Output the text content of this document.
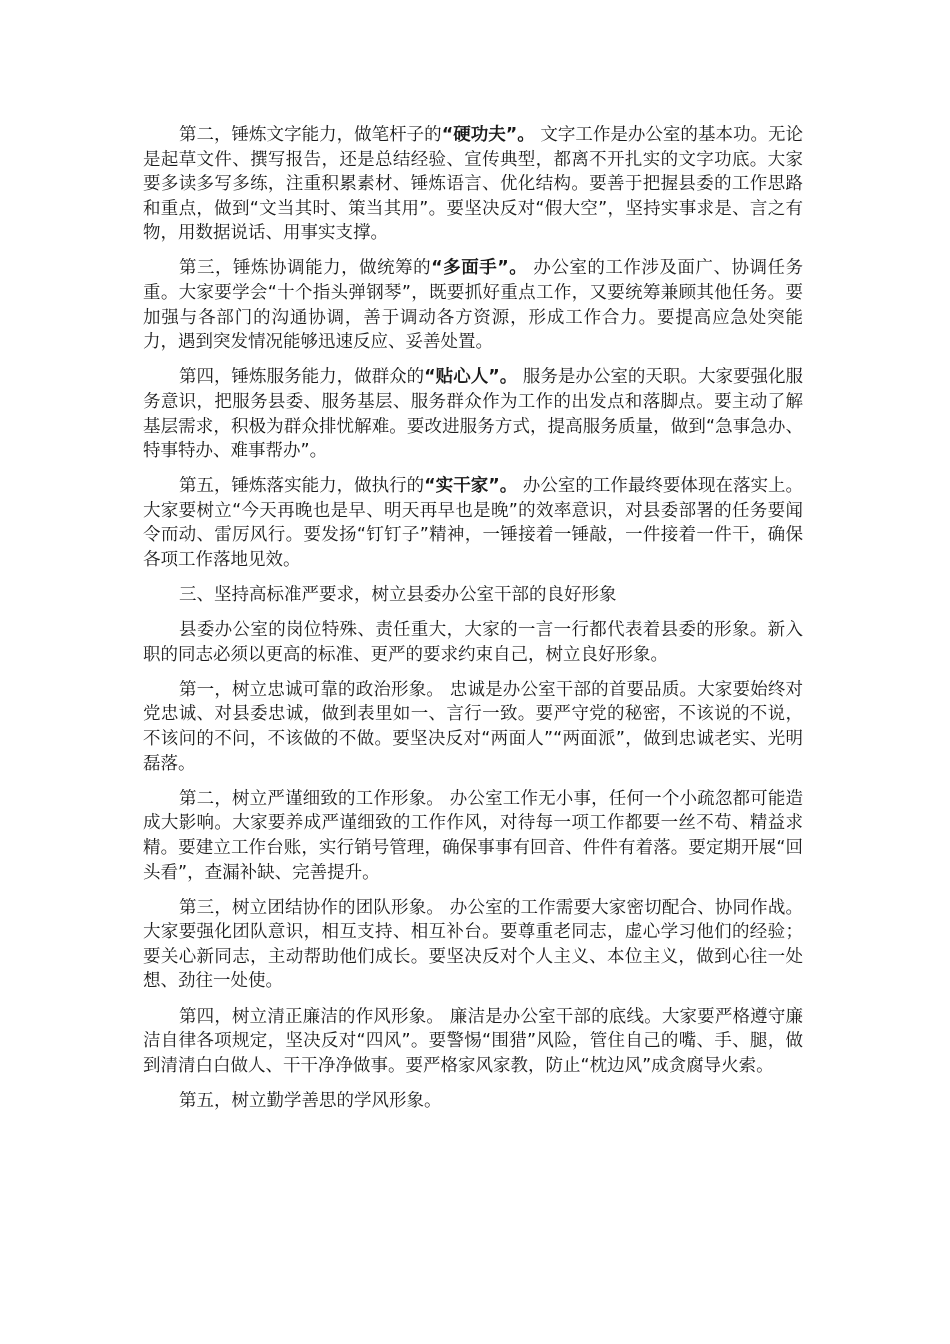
第二，锤炼文字能力，做笔杆子的“硬功夫”。 文字工作是办公室的基本功。无论是起草文件、撰写报告，还是总结经验、宣传典型，都离不开扎实的文字功底。大家要多读多写多练，注重积累素材、锤炼语言、优化结构。要善于把握县委的工作思路和重点，做到“文当其时、策当其用”。要坚决反对“假大空”，坚持实事求是、言之有物，用数据说话、用事实支撑。

第三，锤炼协调能力，做统筹的“多面手”。 办公室的工作涉及面广、协调任务重。大家要学会“十个指头弹钢琴”，既要抓好重点工作，又要统筹兼顾其他任务。要加强与各部门的沟通协调，善于调动各方资源，形成工作合力。要提高应急处突能力，遇到突发情况能够迅速反应、妥善处置。

第四，锤炼服务能力，做群众的“贴心人”。 服务是办公室的天职。大家要强化服务意识，把服务县委、服务基层、服务群众作为工作的出发点和落脚点。要主动了解基层需求，积极为群众排忧解难。要改进服务方式，提高服务质量，做到“急事急办、特事特办、难事帮办”。

第五，锤炼落实能力，做执行的“实干家”。 办公室的工作最终要体现在落实上。大家要树立“今天再晚也是早、明天再早也是晚”的效率意识，对县委部署的任务要闻令而动、雷厉风行。要发扬“钉钉子”精神，一锤接着一锤敲，一件接着一件干，确保各项工作落地见效。

三、坚持高标准严要求，树立县委办公室干部的良好形象

县委办公室的岗位特殊、责任重大，大家的一言一行都代表着县委的形象。新入职的同志必须以更高的标准、更严的要求约束自己，树立良好形象。

第一，树立忠诚可靠的政治形象。 忠诚是办公室干部的首要品质。大家要始终对党忠诚、对县委忠诚，做到表里如一、言行一致。要严守党的秘密，不该说的不说，不该问的不问，不该做的不做。要坚决反对“两面人”“两面派”，做到忠诚老实、光明磊落。

第二，树立严谨细致的工作形象。 办公室工作无小事，任何一个小疏忽都可能造成大影响。大家要养成严谨细致的工作作风，对待每一项工作都要一丝不苟、精益求精。要建立工作台账，实行销号管理，确保事事有回音、件件有着落。要定期开展“回头看”，查漏补缺、完善提升。

第三，树立团结协作的团队形象。 办公室的工作需要大家密切配合、协同作战。大家要强化团队意识，相互支持、相互补台。要尊重老同志，虚心学习他们的经验；要关心新同志，主动帮助他们成长。要坚决反对个人主义、本位主义，做到心往一处想、劲往一处使。

第四，树立清正廉洁的作风形象。 廉洁是办公室干部的底线。大家要严格遵守廉洁自律各项规定，坚决反对“四风”。要警惕“围猎”风险，管住自己的嘴、手、腿，做到清清白白做人、干干净净做事。要严格家风家教，防止“枕边风”成贪腐导火索。

第五，树立勤学善思的学风形象。
